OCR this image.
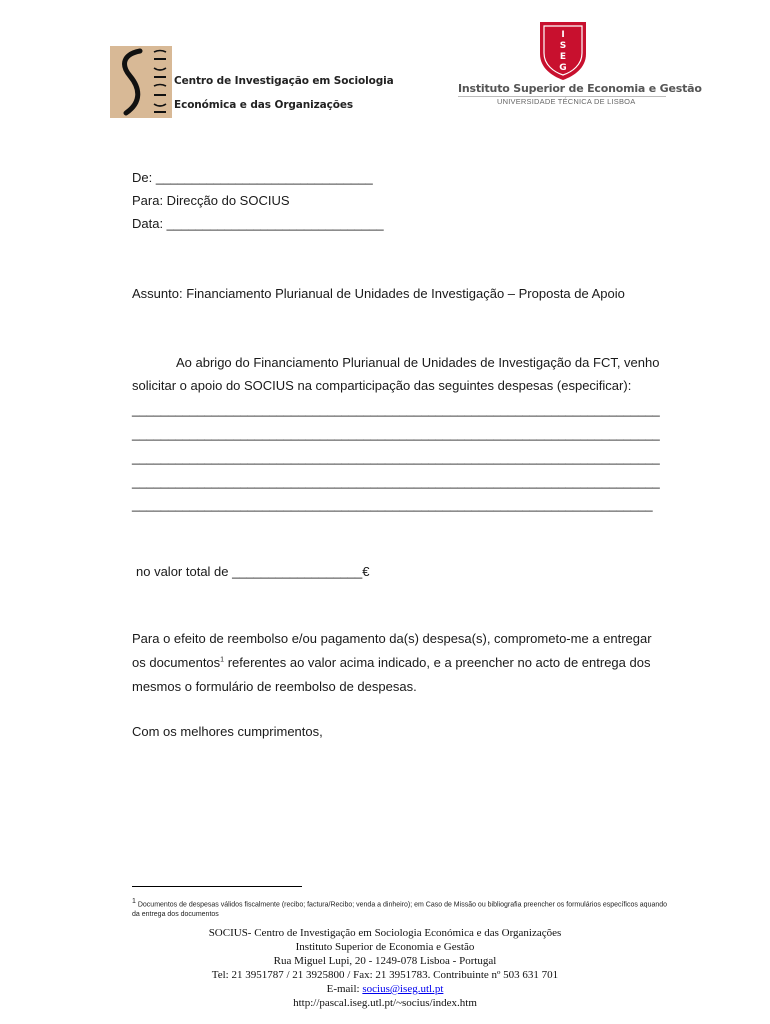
Centro de Investigação em Sociologia
Económica e das Organizações
I
S
E
G
Instituto Superior de Economia e Gestão
UNIVERSIDADE TÉCNICA DE LISBOA
De: ______________________________
Para: Direcção do SOCIUS
Data: ______________________________
Assunto: Financiamento Plurianual de Unidades de Investigação – Proposta de Apoio
Ao abrigo do Financiamento Plurianual de Unidades de Investigação da FCT, venho
solicitar o apoio do SOCIUS na comparticipação das seguintes despesas (especificar):
_________________________________________________________________________
_________________________________________________________________________
_________________________________________________________________________
_________________________________________________________________________
________________________________________________________________________
no valor total de __________________€
Para o efeito de reembolso e/ou pagamento da(s) despesa(s), comprometo-me a entregar
os documentos$^1$ referentes ao valor acima indicado, e a preencher no acto de entrega dos
mesmos o formulário de reembolso de despesas.
Com os melhores cumprimentos,
$^1$ Documentos de despesas válidos fiscalmente (recibo; factura/Recibo; venda a dinheiro); em Caso de Missão ou bibliografia preencher os formulários específicos aquando da entrega dos documentos
SOCIUS- Centro de Investigação em Sociologia Económica e das Organizações
Instituto Superior de Economia e Gestão
Rua Miguel Lupi, 20 - 1249-078 Lisboa - Portugal
Tel: 21 3951787 / 21 3925800 / Fax: 21 3951783. Contribuinte nº 503 631 701
E-mail: socius@iseg.utl.pt
http://pascal.iseg.utl.pt/~socius/index.htm
